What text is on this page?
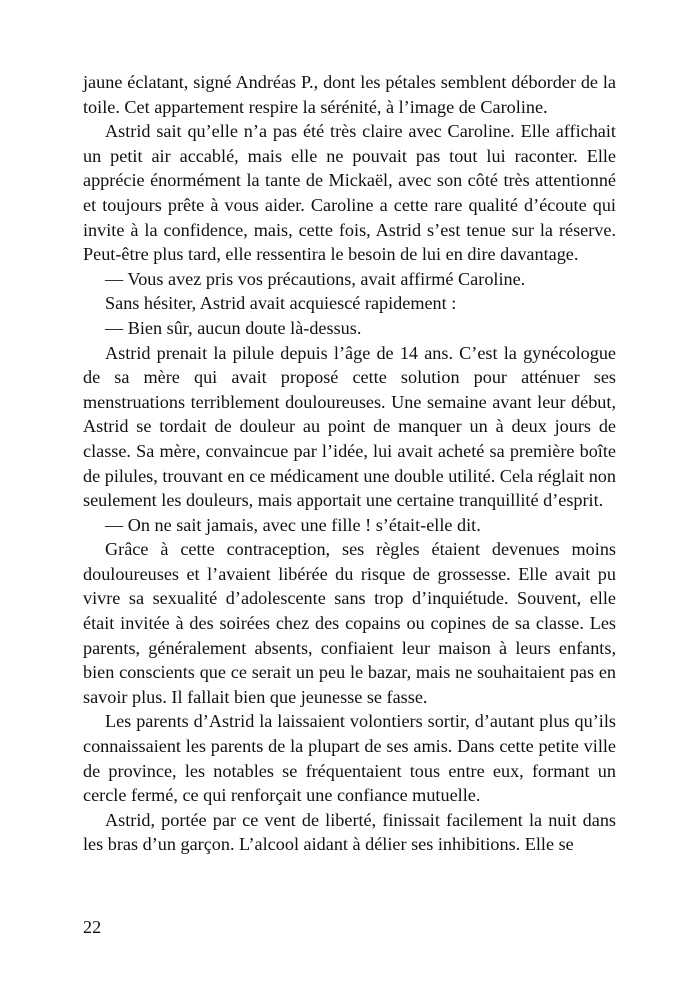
jaune éclatant, signé Andréas P., dont les pétales semblent déborder de la toile. Cet appartement respire la sérénité, à l’image de Caroline.

Astrid sait qu’elle n’a pas été très claire avec Caroline. Elle affichait un petit air accablé, mais elle ne pouvait pas tout lui raconter. Elle apprécie énormément la tante de Mickaël, avec son côté très attentionné et toujours prête à vous aider. Caroline a cette rare qualité d’écoute qui invite à la confidence, mais, cette fois, Astrid s’est tenue sur la réserve. Peut-être plus tard, elle ressentira le besoin de lui en dire davantage.

— Vous avez pris vos précautions, avait affirmé Caroline.

Sans hésiter, Astrid avait acquiescé rapidement :

— Bien sûr, aucun doute là-dessus.

Astrid prenait la pilule depuis l’âge de 14 ans. C’est la gynécologue de sa mère qui avait proposé cette solution pour atténuer ses menstruations terriblement douloureuses. Une semaine avant leur début, Astrid se tordait de douleur au point de manquer un à deux jours de classe. Sa mère, convaincue par l’idée, lui avait acheté sa première boîte de pilules, trouvant en ce médicament une double utilité. Cela réglait non seulement les douleurs, mais apportait une certaine tranquillité d’esprit.

— On ne sait jamais, avec une fille ! s’était-elle dit.

Grâce à cette contraception, ses règles étaient devenues moins douloureuses et l’avaient libérée du risque de grossesse. Elle avait pu vivre sa sexualité d’adolescente sans trop d’inquiétude. Souvent, elle était invitée à des soirées chez des copains ou copines de sa classe. Les parents, généralement absents, confiaient leur maison à leurs enfants, bien conscients que ce serait un peu le bazar, mais ne souhaitaient pas en savoir plus. Il fallait bien que jeunesse se fasse.

Les parents d’Astrid la laissaient volontiers sortir, d’autant plus qu’ils connaissaient les parents de la plupart de ses amis. Dans cette petite ville de province, les notables se fréquentaient tous entre eux, formant un cercle fermé, ce qui renforçait une confiance mutuelle.

Astrid, portée par ce vent de liberté, finissait facilement la nuit dans les bras d’un garçon. L’alcool aidant à délier ses inhibitions. Elle se

22
